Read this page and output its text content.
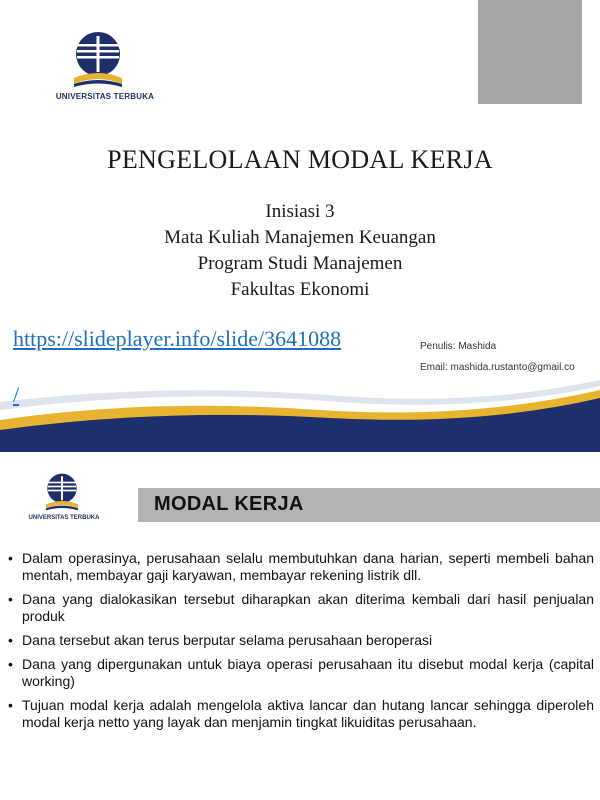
UNIVERSITAS TERBUKA
PENGELOLAAN MODAL KERJA
Inisiasi 3
Mata Kuliah Manajemen Keuangan
Program Studi Manajemen
Fakultas Ekonomi
https://slideplayer.info/slide/3641088
/
Penulis: Mashida
Email: mashida.rustanto@gmail.co
UNIVERSITAS TERBUKA
MODAL KERJA
• Dalam operasinya, perusahaan selalu membutuhkan dana harian, seperti membeli bahan mentah, membayar gaji karyawan, membayar rekening listrik dll.
• Dana yang dialokasikan tersebut diharapkan akan diterima kembali dari hasil penjualan produk
• Dana tersebut akan terus berputar selama perusahaan beroperasi
• Dana yang dipergunakan untuk biaya operasi perusahaan itu disebut modal kerja (capital working)
• Tujuan modal kerja adalah mengelola aktiva lancar dan hutang lancar sehingga diperoleh modal kerja netto yang layak dan menjamin tingkat likuiditas perusahaan.
